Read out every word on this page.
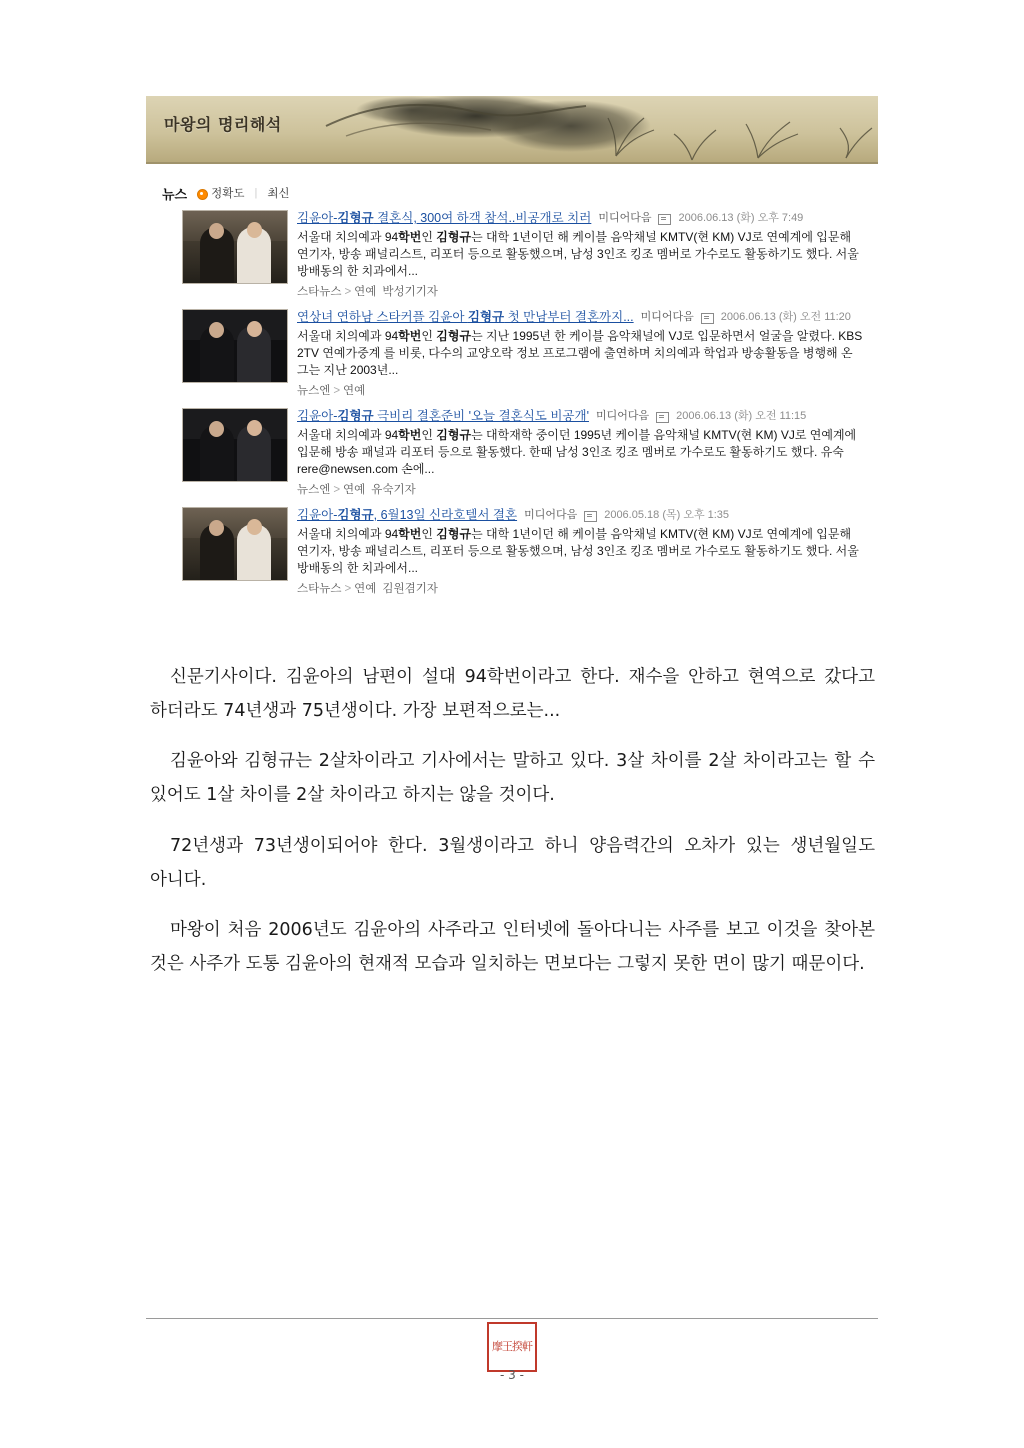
마왕의 명리해석
뉴스 정확도 | 최신
김윤아-김형규 결혼식, 300여 하객 참석..비공개로 치러 미디어다음 2006.06.13 (화) 오후 7:49
서울대 치의예과 94학번인 김형규는 대학 1년이던 해 케이블 음악채널 KMTV(현 KM) VJ로 연예계에 입문해 연기자, 방송 패널리스트, 리포터 등으로 활동했으며, 남성 3인조 킹조 멤버로 가수로도 활동하기도 했다. 서울 방배동의 한 치과에서...
스타뉴스 > 연예 박성기기자
연상녀 연하남 스타커플 김윤아 김형규 첫 만남부터 결혼까지... 미디어다음 2006.06.13 (화) 오전 11:20
서울대 치의예과 94학번인 김형규는 지난 1995년 한 케이블 음악채널에 VJ로 입문하면서 얼굴을 알렸다. KBS 2TV 연예가중계 를 비롯, 다수의 교양오락 정보 프로그램에 출연하며 치의예과 학업과 방송활동을 병행해 온 그는 지난 2003년...
뉴스엔 > 연예
김윤아-김형규 극비리 결혼준비 '오늘 결혼식도 비공개' 미디어다음 2006.06.13 (화) 오전 11:15
서울대 치의예과 94학번인 김형규는 대학재학 중이던 1995년 케이블 음악채널 KMTV(현 KM) VJ로 연예계에 입문해 방송 패널과 리포터 등으로 활동했다. 한때 남성 3인조 킹조 멤버로 가수로도 활동하기도 했다. 유숙 rere@newsen.com 손에...
뉴스엔 > 연예 유숙기자
김윤아-김형규, 6월13일 신라호텔서 결혼 미디어다음 2006.05.18 (목) 오후 1:35
서울대 치의예과 94학번인 김형규는 대학 1년이던 해 케이블 음악채널 KMTV(현 KM) VJ로 연예계에 입문해 연기자, 방송 패널리스트, 리포터 등으로 활동했으며, 남성 3인조 킹조 멤버로 가수로도 활동하기도 했다. 서울 방배동의 한 치과에서...
스타뉴스 > 연예 김원겸기자

신문기사이다. 김윤아의 남편이 설대 94학번이라고 한다. 재수을 안하고 현역으로 갔다고 하더라도 74년생과 75년생이다. 가장 보편적으로는...

김윤아와 김형규는 2살차이라고 기사에서는 말하고 있다. 3살 차이를 2살 차이라고는 할 수 있어도 1살 차이를 2살 차이라고 하지는 않을 것이다.

72년생과 73년생이되어야 한다. 3월생이라고 하니 양음력간의 오차가 있는 생년월일도 아니다.

마왕이 처음 2006년도 김윤아의 사주라고 인터넷에 돌아다니는 사주를 보고 이것을 찾아본 것은 사주가 도통 김윤아의 현재적 모습과 일치하는 면보다는 그렇지 못한 면이 많기 때문이다.

摩王揆軒
- 3 -
